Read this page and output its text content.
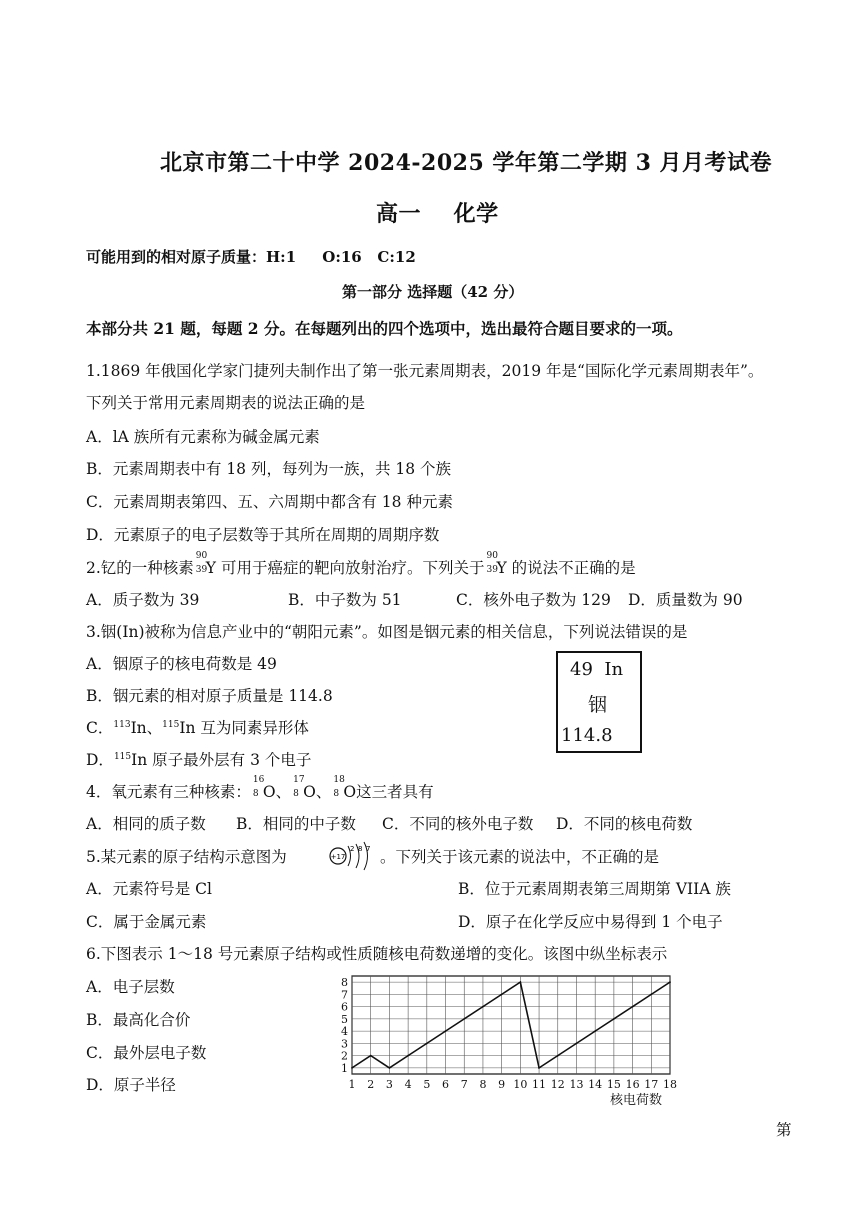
北京市第二十中学 2024-2025 学年第二学期 3 月月考试卷
高一    化学
可能用到的相对原子质量：H:1     O:16   C:12
第一部分 选择题（42 分）
本部分共 21 题，每题 2 分。在每题列出的四个选项中，选出最符合题目要求的一项。
1.1869 年俄国化学家门捷列夫制作出了第一张元素周期表，2019 年是“国际化学元素周期表年”。
下列关于常用元素周期表的说法正确的是
A．lA 族所有元素称为碱金属元素
B．元素周期表中有 18 列，每列为一族，共 18 个族
C．元素周期表第四、五、六周期中都含有 18 种元素
D．元素原子的电子层数等于其所在周期的周期序数
2.钇的一种核素
90
39
Y 可用于癌症的靶向放射治疗。下列关于
90
39
Y 的说法不正确的是
A．质子数为 39	B．中子数为 51	C．核外电子数为 129 D．质量数为 90
3.铟(In)被称为信息产业中的“朝阳元素”。如图是铟元素的相关信息，下列说法错误的是
A．铟原子的核电荷数是 49
B．铟元素的相对原子质量是 114.8
C．$^{113}$In、$^{115}$In 互为同素异形体
D．$^{115}$In 原子最外层有 3 个电子
49  In
铟
114.8
4．氧元素有三种核素：
16
8 O、
17
8 O、
18
8 O这三者具有
A．相同的质子数 B．相同的中子数 C．不同的核外电子数 D．不同的核电荷数
5.某元素的原子结构示意图为	+17
2 8 7 。下列关于该元素的说法中，不正确的是
A．元素符号是 Cl	B．位于元素周期表第三周期第 VIIA 族
C．属于金属元素	D．原子在化学反应中易得到 1 个电子
6.下图表示 1～18 号元素原子结构或性质随核电荷数递增的变化。该图中纵坐标表示
A．电子层数
B．最高化合价
C．最外层电子数
D．原子半径
1
2
3
4
5
6
7
8
1 2 3 4 5 6 7 8 9 10 11 12 13 14 15 16 17 18
核电荷数
第
